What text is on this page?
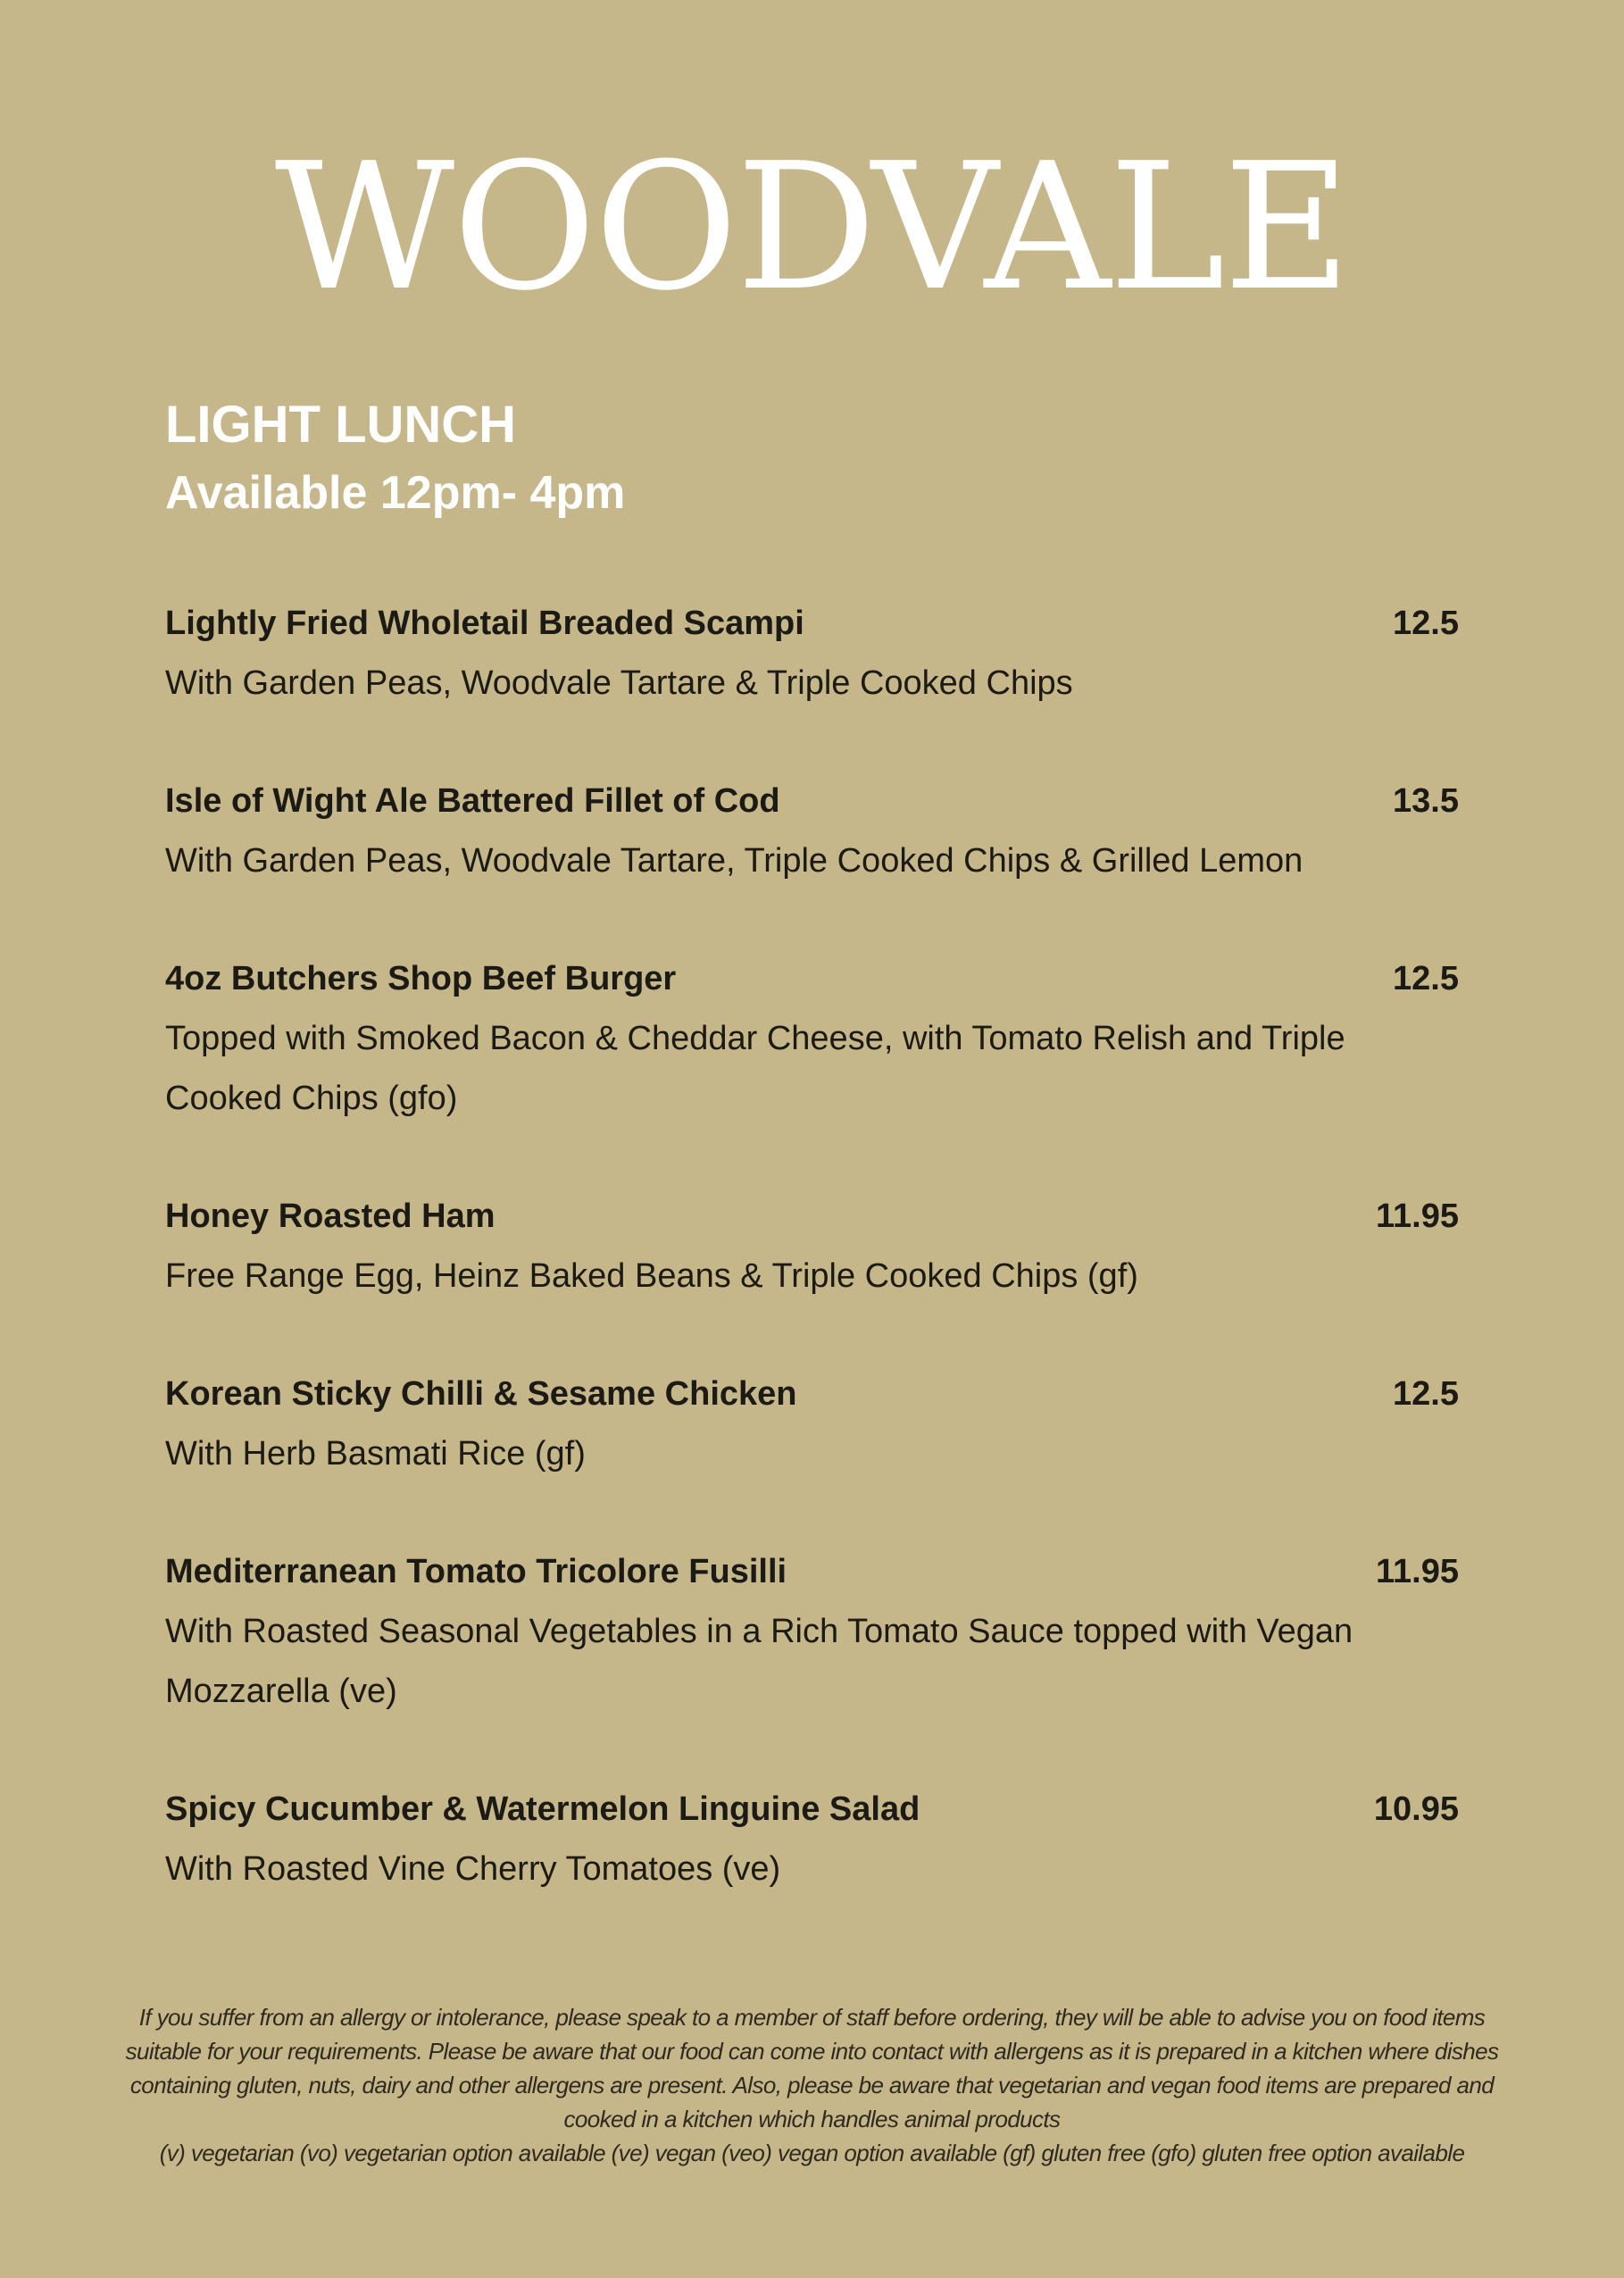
WOODVALE

LIGHT LUNCH

Available 12pm- 4pm

Lightly Fried Wholetail Breaded Scampi	12.5
With Garden Peas, Woodvale Tartare & Triple Cooked Chips
Isle of Wight Ale Battered Fillet of Cod	13.5
With Garden Peas, Woodvale Tartare, Triple Cooked Chips & Grilled Lemon
4oz Butchers Shop Beef Burger	12.5
Topped with Smoked Bacon & Cheddar Cheese, with Tomato Relish and Triple Cooked Chips (gfo)
Honey Roasted Ham	11.95
Free Range Egg, Heinz Baked Beans & Triple Cooked Chips (gf)
Korean Sticky Chilli & Sesame Chicken	12.5
With Herb Basmati Rice (gf)
Mediterranean Tomato Tricolore Fusilli	11.95
With Roasted Seasonal Vegetables in a Rich Tomato Sauce topped with Vegan Mozzarella (ve)
Spicy Cucumber & Watermelon Linguine Salad	10.95
With Roasted Vine Cherry Tomatoes (ve)

If you suffer from an allergy or intolerance, please speak to a member of staff before ordering, they will be able to advise you on food items suitable for your requirements. Please be aware that our food can come into contact with allergens as it is prepared in a kitchen where dishes containing gluten, nuts, dairy and other allergens are present. Also, please be aware that vegetarian and vegan food items are prepared and cooked in a kitchen which handles animal products

(v) vegetarian (vo) vegetarian option available (ve) vegan (veo) vegan option available (gf) gluten free (gfo) gluten free option available
